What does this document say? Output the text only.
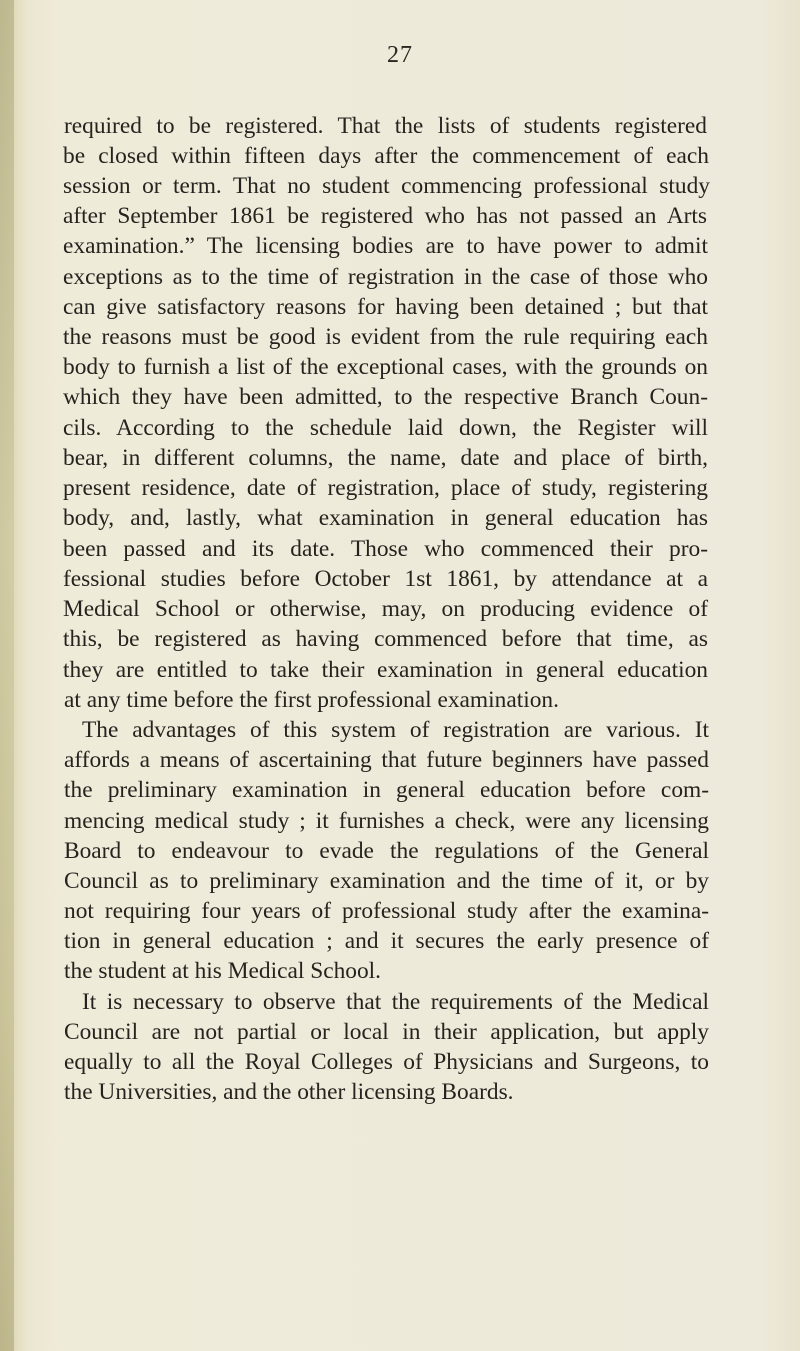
27
required to be registered. That the lists of students registered
be closed within fifteen days after the commencement of each
session or term. That no student commencing professional study
after September 1861 be registered who has not passed an Arts
examination.” The licensing bodies are to have power to admit
exceptions as to the time of registration in the case of those who
can give satisfactory reasons for having been detained ; but that
the reasons must be good is evident from the rule requiring each
body to furnish a list of the exceptional cases, with the grounds on
which they have been admitted, to the respective Branch Coun-
cils. According to the schedule laid down, the Register will
bear, in different columns, the name, date and place of birth,
present residence, date of registration, place of study, registering
body, and, lastly, what examination in general education has
been passed and its date. Those who commenced their pro-
fessional studies before October 1st 1861, by attendance at a
Medical School or otherwise, may, on producing evidence of
this, be registered as having commenced before that time, as
they are entitled to take their examination in general education
at any time before the first professional examination.
The advantages of this system of registration are various. It
affords a means of ascertaining that future beginners have passed
the preliminary examination in general education before com-
mencing medical study ; it furnishes a check, were any licensing
Board to endeavour to evade the regulations of the General
Council as to preliminary examination and the time of it, or by
not requiring four years of professional study after the examina-
tion in general education ; and it secures the early presence of
the student at his Medical School.
It is necessary to observe that the requirements of the Medical
Council are not partial or local in their application, but apply
equally to all the Royal Colleges of Physicians and Surgeons, to
the Universities, and the other licensing Boards.
